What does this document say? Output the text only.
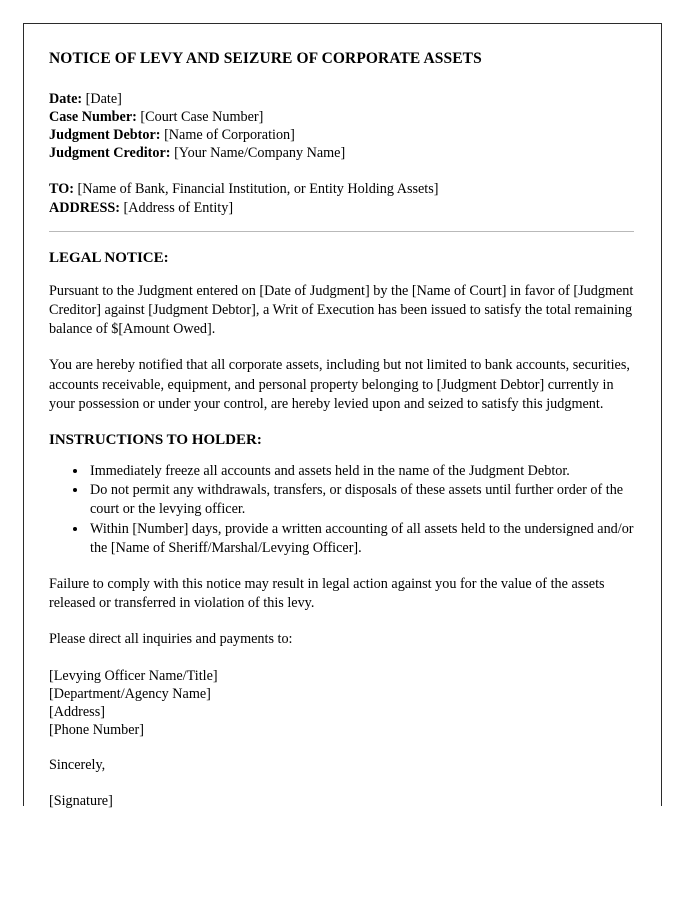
NOTICE OF LEVY AND SEIZURE OF CORPORATE ASSETS
Date: [Date]
Case Number: [Court Case Number]
Judgment Debtor: [Name of Corporation]
Judgment Creditor: [Your Name/Company Name]
TO: [Name of Bank, Financial Institution, or Entity Holding Assets]
ADDRESS: [Address of Entity]
LEGAL NOTICE:

Pursuant to the Judgment entered on [Date of Judgment] by the [Name of Court] in favor of [Judgment Creditor] against [Judgment Debtor], a Writ of Execution has been issued to satisfy the total remaining balance of $[Amount Owed].

You are hereby notified that all corporate assets, including but not limited to bank accounts, securities, accounts receivable, equipment, and personal property belonging to [Judgment Debtor] currently in your possession or under your control, are hereby levied upon and seized to satisfy this judgment.

INSTRUCTIONS TO HOLDER:
• Immediately freeze all accounts and assets held in the name of the Judgment Debtor.
• Do not permit any withdrawals, transfers, or disposals of these assets until further order of the court or the levying officer.
• Within [Number] days, provide a written accounting of all assets held to the undersigned and/or the [Name of Sheriff/Marshal/Levying Officer].

Failure to comply with this notice may result in legal action against you for the value of the assets released or transferred in violation of this levy.

Please direct all inquiries and payments to:

[Levying Officer Name/Title]
[Department/Agency Name]
[Address]
[Phone Number]
Sincerely,
[Signature]
